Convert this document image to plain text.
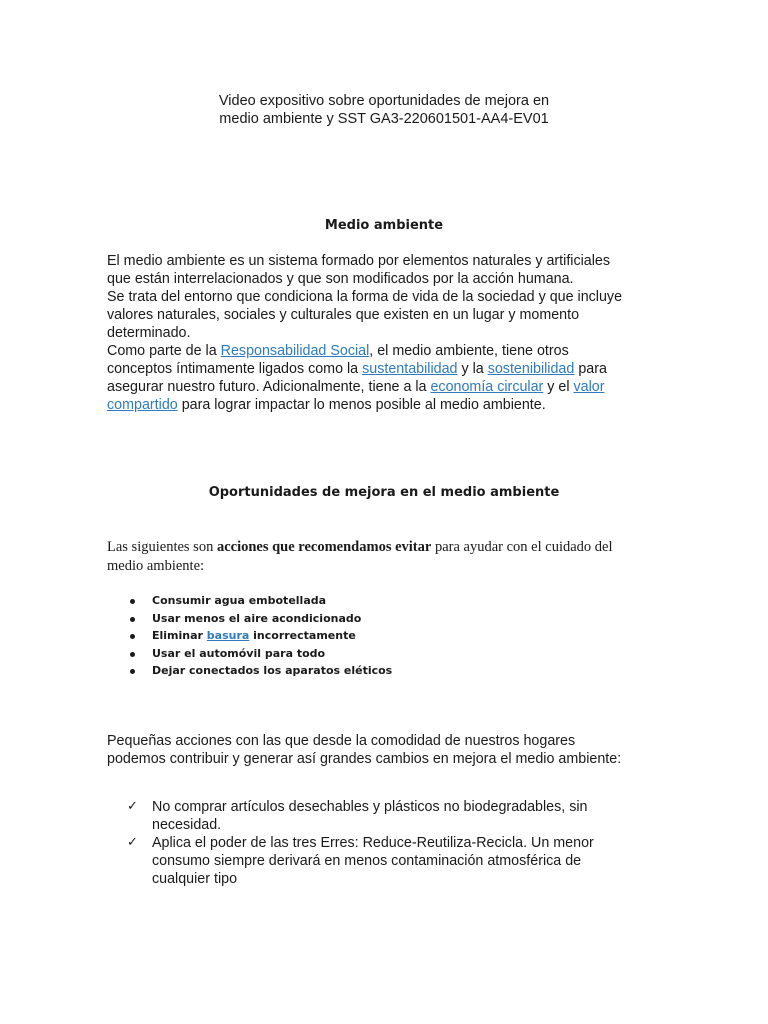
Video expositivo sobre oportunidades de mejora en
medio ambiente y SST GA3-220601501-AA4-EV01
Medio ambiente
El medio ambiente es un sistema formado por elementos naturales y artificiales
que están interrelacionados y que son modificados por la acción humana.
Se trata del entorno que condiciona la forma de vida de la sociedad y que incluye
valores naturales, sociales y culturales que existen en un lugar y momento
determinado.
Como parte de la Responsabilidad Social, el medio ambiente, tiene otros
conceptos íntimamente ligados como la sustentabilidad y la sostenibilidad para
asegurar nuestro futuro. Adicionalmente, tiene a la economía circular y el valor
compartido para lograr impactar lo menos posible al medio ambiente.
Oportunidades de mejora en el medio ambiente
Las siguientes son acciones que recomendamos evitar para ayudar con el cuidado del
medio ambiente:
Consumir agua embotellada
Usar menos el aire acondicionado
Eliminar basura incorrectamente
Usar el automóvil para todo
Dejar conectados los aparatos eléticos
Pequeñas acciones con las que desde la comodidad de nuestros hogares
podemos contribuir y generar así grandes cambios en mejora el medio ambiente:
✓ No comprar artículos desechables y plásticos no biodegradables, sin
necesidad.
✓ Aplica el poder de las tres Erres: Reduce-Reutiliza-Recicla. Un menor
consumo siempre derivará en menos contaminación atmosférica de
cualquier tipo
